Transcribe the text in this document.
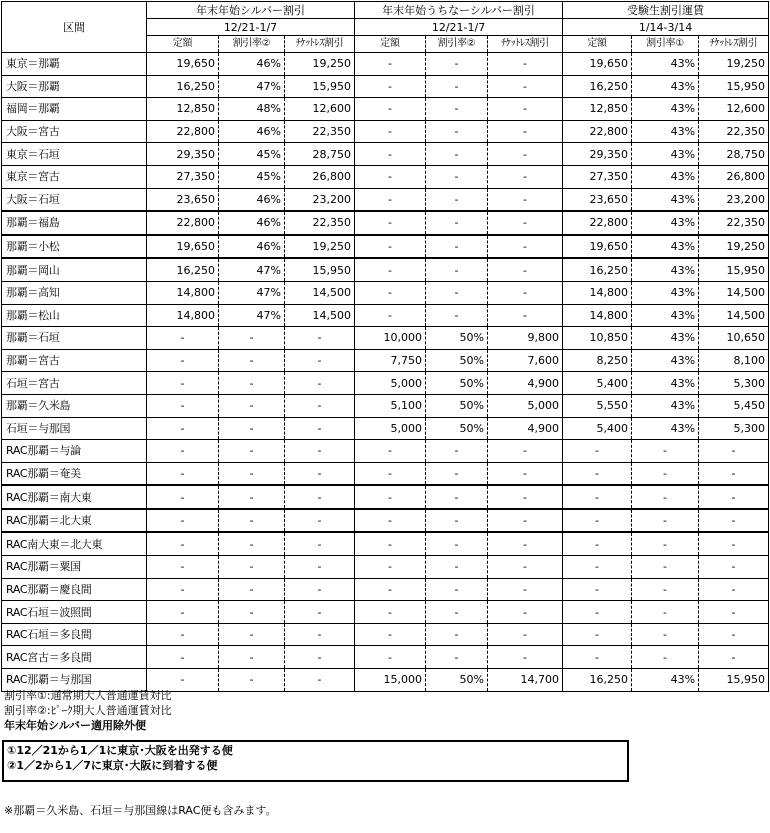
区間	年末年始シルバー割引			年末年始うちなーシルバー割引			受験生割引運賃		
	12/21-1/7			12/21-1/7			1/14-3/14		
	定額	割引率②	ﾁｹｯﾄﾚｽ割引	定額	割引率②	ﾁｹｯﾄﾚｽ割引	定額	割引率①	ﾁｹｯﾄﾚｽ割引
東京＝那覇	19,650	46%	19,250	-	-	-	19,650	43%	19,250
大阪＝那覇	16,250	47%	15,950	-	-	-	16,250	43%	15,950
福岡＝那覇	12,850	48%	12,600	-	-	-	12,850	43%	12,600
大阪＝宮古	22,800	46%	22,350	-	-	-	22,800	43%	22,350
東京＝石垣	29,350	45%	28,750	-	-	-	29,350	43%	28,750
東京＝宮古	27,350	45%	26,800	-	-	-	27,350	43%	26,800
大阪＝石垣	23,650	46%	23,200	-	-	-	23,650	43%	23,200
那覇＝福島	22,800	46%	22,350	-	-	-	22,800	43%	22,350
那覇＝小松	19,650	46%	19,250	-	-	-	19,650	43%	19,250
那覇＝岡山	16,250	47%	15,950	-	-	-	16,250	43%	15,950
那覇＝高知	14,800	47%	14,500	-	-	-	14,800	43%	14,500
那覇＝松山	14,800	47%	14,500	-	-	-	14,800	43%	14,500
那覇＝石垣	-	-	-	10,000	50%	9,800	10,850	43%	10,650
那覇＝宮古	-	-	-	7,750	50%	7,600	8,250	43%	8,100
石垣＝宮古	-	-	-	5,000	50%	4,900	5,400	43%	5,300
那覇＝久米島	-	-	-	5,100	50%	5,000	5,550	43%	5,450
石垣＝与那国	-	-	-	5,000	50%	4,900	5,400	43%	5,300
RAC那覇＝与論	-	-	-	-	-	-	-	-	-
RAC那覇＝奄美	-	-	-	-	-	-	-	-	-
RAC那覇＝南大東	-	-	-	-	-	-	-	-	-
RAC那覇＝北大東	-	-	-	-	-	-	-	-	-
RAC南大東＝北大東	-	-	-	-	-	-	-	-	-
RAC那覇＝粟国	-	-	-	-	-	-	-	-	-
RAC那覇＝慶良間	-	-	-	-	-	-	-	-	-
RAC石垣＝波照間	-	-	-	-	-	-	-	-	-
RAC石垣＝多良間	-	-	-	-	-	-	-	-	-
RAC宮古＝多良間	-	-	-	-	-	-	-	-	-
RAC那覇＝与那国	-	-	-	15,000	50%	14,700	16,250	43%	15,950
割引率①:通常期大人普通運賃対比
割引率②:ﾋﾟｰｸ期大人普通運賃対比
年末年始シルバー適用除外便
①12／21から1／1に東京･大阪を出発する便
②1／2から1／7に東京･大阪に到着する便
※那覇＝久米島、石垣＝与那国線はRAC便も含みます。
